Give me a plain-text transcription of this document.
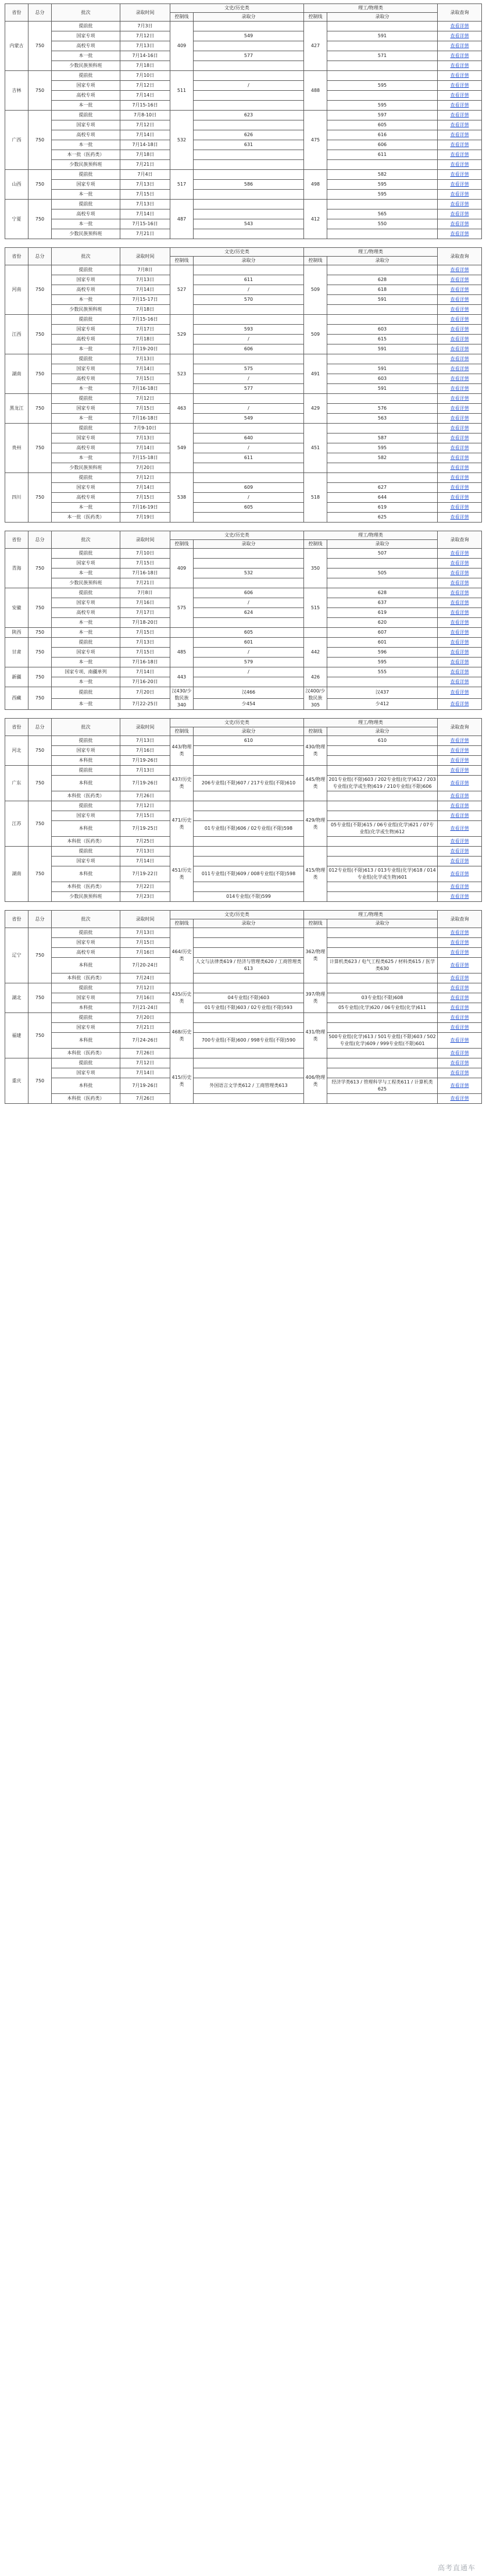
省份	总分	批次	录取时间	文史/历史类		理工/物理类		录取查询
				控制线	录取分	控制线	录取分	
内蒙古	750	提前批	7月3日	409		427		查看详情
		国家专项	7月12日		549		591	查看详情
		高校专项	7月13日					查看详情
		本一批	7月14-16日		577		571	查看详情
		少数民族预科班	7月18日					查看详情
吉林	750	提前批	7月10日	511		488		查看详情
		国家专项	7月12日		/		595	查看详情
		高校专项	7月14日					查看详情
		本一批	7月15-16日				595	查看详情
广西	750	提前批	7月8-10日	532	623	475	597	查看详情
		国家专项	7月12日				605	查看详情
		高校专项	7月14日		626		616	查看详情
		本一批	7月14-18日		631		606	查看详情
		本一批（医药类）	7月18日				611	查看详情
		少数民族预科班	7月21日					查看详情
山西	750	提前批	7月4日	517		498	582	查看详情
		国家专项	7月13日		586		595	查看详情
		本一批	7月15日				595	查看详情
宁夏	750	提前批	7月13日	487		412		查看详情
		高校专项	7月14日				565	查看详情
		本一批	7月15-16日		543		550	查看详情
		少数民族预科班	7月21日					查看详情
省份	总分	批次	录取时间	文史/历史类		理工/物理类		录取查询
				控制线	录取分	控制线	录取分	
河南	750	提前批	7月8日	527		509		查看详情
		国家专项	7月13日		611		628	查看详情
		高校专项	7月14日		/		618	查看详情
		本一批	7月15-17日		570		591	查看详情
		少数民族预科班	7月18日					查看详情
江西	750	提前批	7月15-16日	529		509		查看详情
		国家专项	7月17日		593		603	查看详情
		高校专项	7月18日		/		615	查看详情
		本一批	7月19-20日		606		591	查看详情
湖南	750	提前批	7月13日	523		491		查看详情
		国家专项	7月14日		575		591	查看详情
		高校专项	7月15日		/		603	查看详情
		本一批	7月16-18日		577		591	查看详情
黑龙江	750	提前批	7月12日	463		429		查看详情
		国家专项	7月15日		/		576	查看详情
		本一批	7月16-18日		549		563	查看详情
贵州	750	提前批	7月9-10日	549		451		查看详情
		国家专项	7月13日		640		587	查看详情
		高校专项	7月14日		/		595	查看详情
		本一批	7月15-18日		611		582	查看详情
		少数民族预科班	7月20日					查看详情
四川	750	提前批	7月12日	538		518		查看详情
		国家专项	7月14日		609		627	查看详情
		高校专项	7月15日		/		644	查看详情
		本一批	7月16-19日		605		619	查看详情
		本一批（医药类）	7月19日				625	查看详情
省份	总分	批次	录取时间	文史/历史类		理工/物理类		录取查询
				控制线	录取分	控制线	录取分	
青海	750	提前批	7月10日	409		350	507	查看详情
		国家专项	7月15日					查看详情
		本一批	7月16-18日		532		505	查看详情
		少数民族预科班	7月21日					查看详情
安徽	750	提前批	7月8日	575	606	515	628	查看详情
		国家专项	7月16日		/		637	查看详情
		高校专项	7月17日		624		619	查看详情
		本一批	7月18-20日				620	查看详情
陕西	750	本一批	7月15日		605		607	查看详情
甘肃	750	提前批	7月13日	485	601	442	601	查看详情
		国家专项	7月15日		/		596	查看详情
		本一批	7月16-18日		579		595	查看详情
新疆	750	国家专项、南疆单列	7月14日	443	/	426	555	查看详情
		本一批	7月16-20日					查看详情
西藏	750	提前批	7月20日	汉430/少数民族340	汉466	汉400/少数民族305	汉437	查看详情
		本一批	7月22-25日		少454		少412	查看详情
省份	总分	批次	录取时间	文史/历史类		理工/物理类		录取查询
				控制线	录取分	控制线	录取分	
河北	750	提前批	7月13日	443/物理类	610	430/物理类	610	查看详情
		国家专项	7月16日					查看详情
		本科批	7月19-26日					查看详情
广东	750	提前批	7月13日	437/历史类		445/物理类		查看详情
		本科批	7月19-26日		206专业组(不限)607 / 217专业组(不限)610		201专业组(不限)603 / 202专业组(化学)612 / 203专业组(化学或生物)619 / 210专业组(不限)606	查看详情
		本科批（医药类）	7月26日					查看详情
江苏	750	提前批	7月12日	471/历史类		429/物理类		查看详情
		国家专项	7月15日					查看详情
		本科批	7月19-25日		01专业组(不限)606 / 02专业组(不限)598		05专业组(不限)615 / 06专业组(化学)621 / 07专业组(化学或生物)612	查看详情
		本科批（医药类）	7月25日					查看详情
湖南	750	提前批	7月13日	451/历史类		415/物理类		查看详情
		国家专项	7月14日					查看详情
		本科批	7月19-22日		011专业组(不限)609 / 008专业组(不限)598		012专业组(不限)613 / 013专业组(化学)618 / 014专业组(化学或生物)601	查看详情
		本科批（医药类）	7月22日					查看详情
		少数民族预科班	7月23日		014专业组(不限)599			查看详情
省份	总分	批次	录取时间	文史/历史类		理工/物理类		录取查询
				控制线	录取分	控制线	录取分	
辽宁	750	提前批	7月13日	464/历史类		362/物理类		查看详情
		国家专项	7月15日					查看详情
		高校专项	7月16日					查看详情
		本科批	7月20-24日		人文与法律类619 / 经济与管理类620 / 工商管理类613		计算机类623 / 电气工程类625 / 材料类615 / 医学类630	查看详情
		本科批（医药类）	7月24日					查看详情
湖北	750	提前批	7月12日	435/历史类		397/物理类		查看详情
		国家专项	7月16日		04专业组(不限)603		03专业组(不限)608	查看详情
		本科批	7月21-24日		01专业组(不限)603 / 02专业组(不限)593		05专业组(化学)620 / 06专业组(化学)611	查看详情
福建	750	提前批	7月20日	468/历史类		431/物理类		查看详情
		国家专项	7月21日					查看详情
		本科批	7月24-26日		700专业组(不限)600 / 998专业组(不限)590		500专业组(化学)613 / 501专业组(不限)603 / 502专业组(化学)609 / 999专业组(不限)601	查看详情
		本科批（医药类）	7月26日					查看详情
重庆	750	提前批	7月12日	415/历史类		406/物理类		查看详情
		国家专项	7月14日					查看详情
		本科批	7月19-26日		外国语言文学类612 / 工商管理类613		经济学类613 / 管理科学与工程类611 / 计算机类625	查看详情
		本科批（医药类）	7月26日					查看详情
高考直通车
